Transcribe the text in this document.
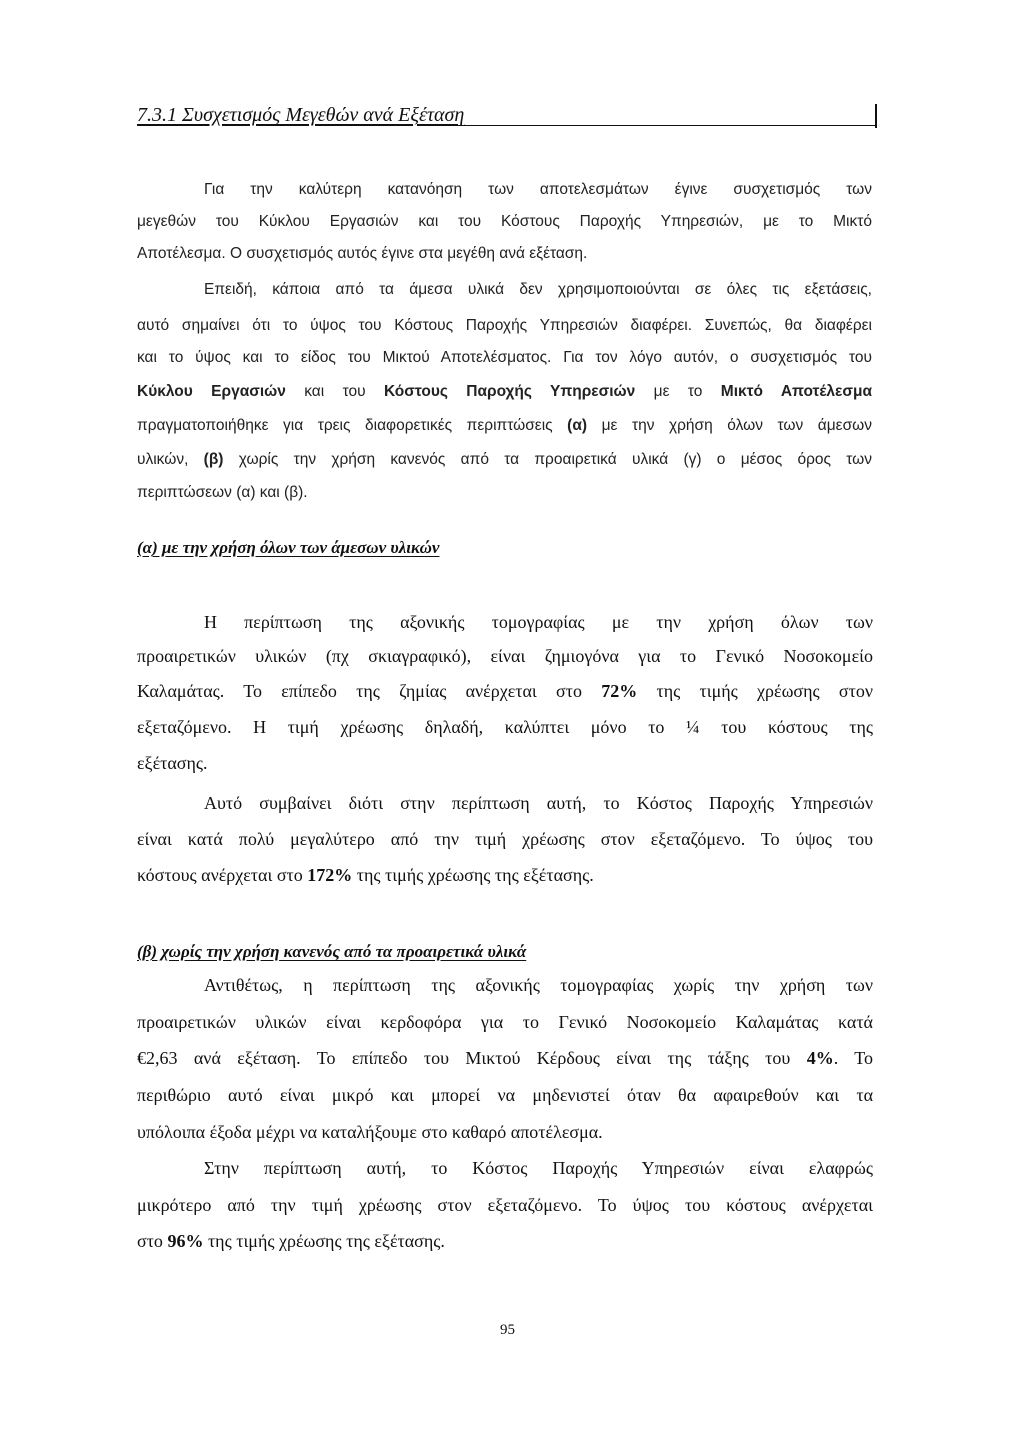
7.3.1 Συσχετισμός Μεγεθών ανά Εξέταση
Για την καλύτερη κατανόηση των αποτελεσμάτων έγινε συσχετισμός των
μεγεθών του Κύκλου Εργασιών και του Κόστους Παροχής Υπηρεσιών, με το Μικτό
Αποτέλεσμα. Ο συσχετισμός αυτός έγινε στα μεγέθη ανά εξέταση.
Επειδή, κάποια από τα άμεσα υλικά δεν χρησιμοποιούνται σε όλες τις εξετάσεις,
αυτό σημαίνει ότι το ύψος του Κόστους Παροχής Υπηρεσιών διαφέρει. Συνεπώς, θα διαφέρει
και το ύψος και το είδος του Μικτού Αποτελέσματος. Για τον λόγο αυτόν, ο συσχετισμός του
Κύκλου Εργασιών και του Κόστους Παροχής Υπηρεσιών με το Μικτό Αποτέλεσμα
πραγματοποιήθηκε για τρεις διαφορετικές περιπτώσεις (α) με την χρήση όλων των άμεσων
υλικών, (β) χωρίς την χρήση κανενός από τα προαιρετικά υλικά (γ) ο μέσος όρος των
περιπτώσεων (α) και (β).
(α) με την χρήση όλων των άμεσων υλικών
Η περίπτωση της αξονικής τομογραφίας με την χρήση όλων των
προαιρετικών υλικών (πχ σκιαγραφικό), είναι ζημιογόνα για το Γενικό Νοσοκομείο
Καλαμάτας. Το επίπεδο της ζημίας ανέρχεται στο 72% της τιμής χρέωσης στον
εξεταζόμενο. Η τιμή χρέωσης δηλαδή, καλύπτει μόνο το ¼ του κόστους της
εξέτασης.
Αυτό συμβαίνει διότι στην περίπτωση αυτή, το Κόστος Παροχής Υπηρεσιών
είναι κατά πολύ μεγαλύτερο από την τιμή χρέωσης στον εξεταζόμενο. Το ύψος του
κόστους ανέρχεται στο 172% της τιμής χρέωσης της εξέτασης.
(β) χωρίς την χρήση κανενός από τα προαιρετικά υλικά
Αντιθέτως, η περίπτωση της αξονικής τομογραφίας χωρίς την χρήση των
προαιρετικών υλικών είναι κερδοφόρα για το Γενικό Νοσοκομείο Καλαμάτας κατά
€2,63 ανά εξέταση. Το επίπεδο του Μικτού Κέρδους είναι της τάξης του 4%. Το
περιθώριο αυτό είναι μικρό και μπορεί να μηδενιστεί όταν θα αφαιρεθούν και τα
υπόλοιπα έξοδα μέχρι να καταλήξουμε στο καθαρό αποτέλεσμα.
Στην περίπτωση αυτή, το Κόστος Παροχής Υπηρεσιών είναι ελαφρώς
μικρότερο από την τιμή χρέωσης στον εξεταζόμενο. Το ύψος του κόστους ανέρχεται
στο 96% της τιμής χρέωσης της εξέτασης.
95
